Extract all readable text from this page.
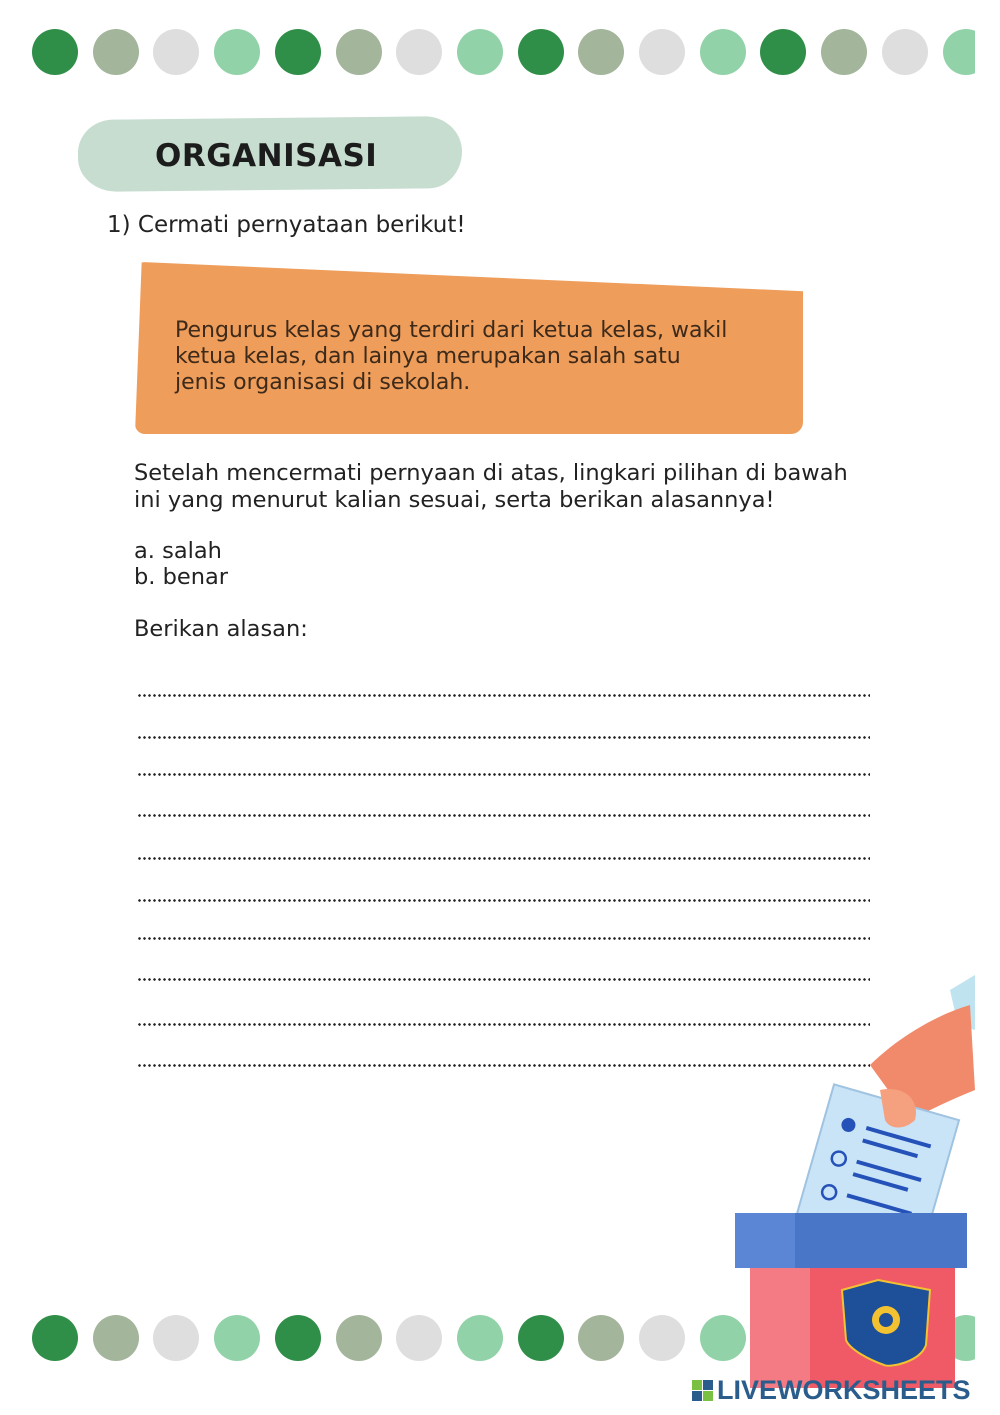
ORGANISASI
1) Cermati pernyataan berikut!
Pengurus kelas yang terdiri dari ketua kelas, wakil
ketua kelas, dan lainya merupakan salah satu
jenis organisasi di sekolah.
Setelah mencermati pernyaan di atas, lingkari pilihan di bawah
ini yang menurut kalian sesuai, serta berikan alasannya!
a. salah
b. benar
Berikan alasan:
LIVEWORKSHEETS
